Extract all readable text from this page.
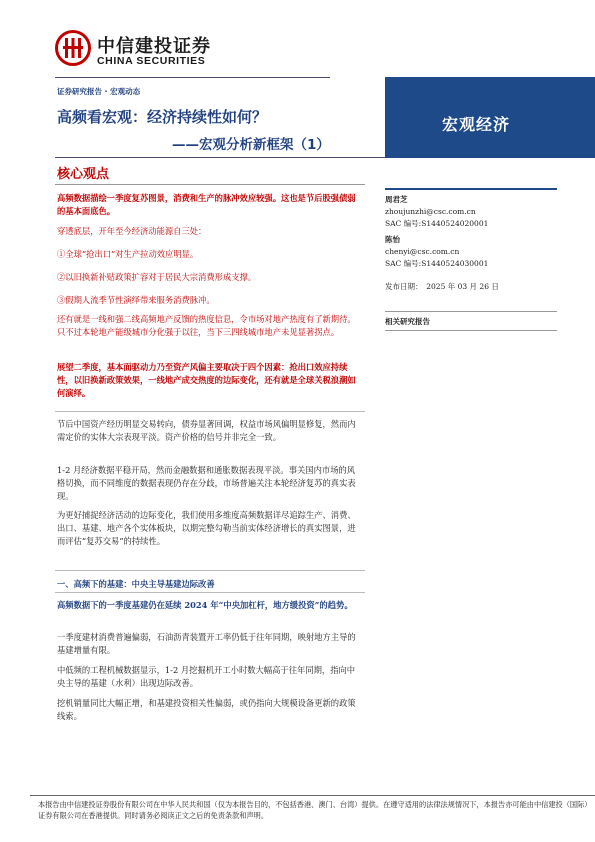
中信建投证券
CHINA SECURITIES
证券研究报告 · 宏观动态
高频看宏观：经济持续性如何？
——宏观分析新框架（1）
宏观经济
核心观点
高频数据描绘一季度复苏图景，消费和生产的脉冲效应较强。这也是节后股强债弱的基本面底色。
穿透底层，开年至今经济动能源自三处：
①全球“抢出口”对生产拉动效应明显。
②以旧换新补贴政策扩容对于居民大宗消费形成支撑。
③假期人流季节性演绎带来服务消费脉冲。
还有就是一线和强二线高频地产反馈的热度信息，令市场对地产热度有了新期待。只不过本轮地产能级城市分化强于以往，当下三四线城市地产未见显著拐点。
展望二季度，基本面驱动力乃至资产风偏主要取决于四个因素：抢出口效应持续性，以旧换新政策效果，一线地产成交热度的边际变化，还有就是全球关税浪潮如何演绎。
节后中国资产经历明显交易转向，债券显著回调，权益市场风偏明显修复，然而内需定价的实体大宗表现平淡。资产价格的信号并非完全一致。
1-2 月经济数据平稳开局，然而金融数据和通胀数据表现平淡。事关国内市场的风格切换，而不同维度的数据表现仍存在分歧，市场普遍关注本轮经济复苏的真实表现。
为更好捕捉经济活动的边际变化，我们使用多维度高频数据详尽追踪生产、消费、出口、基建、地产各个实体板块，以期完整勾勒当前实体经济增长的真实图景，进而评估“复苏交易”的持续性。
一、高频下的基建：中央主导基建边际改善
高频数据下的一季度基建仍在延续 2024 年“中央加杠杆，地方缓投资”的趋势。
一季度建材消费普遍偏弱，石油沥青装置开工率仍低于往年同期，映射地方主导的基建增量有限。
中低频的工程机械数据显示，1-2 月挖掘机开工小时数大幅高于往年同期，指向中央主导的基建（水利）出现边际改善。
挖机销量同比大幅正增，和基建投资相关性偏弱，或仍指向大规模设备更新的政策线索。
周君芝
zhoujunzhi@csc.com.cn
SAC 编号:S1440524020001
陈怡
chenyi@csc.com.cn
SAC 编号:S1440524030001
发布日期：　2025 年 03 月 26 日
相关研究报告
本报告由中信建投证券股份有限公司在中华人民共和国（仅为本报告目的，不包括香港、澳门、台湾）提供。在遵守适用的法律法规情况下，本报告亦可能由中信建投（国际）证券有限公司在香港提供。同时请务必阅读正文之后的免责条款和声明。
